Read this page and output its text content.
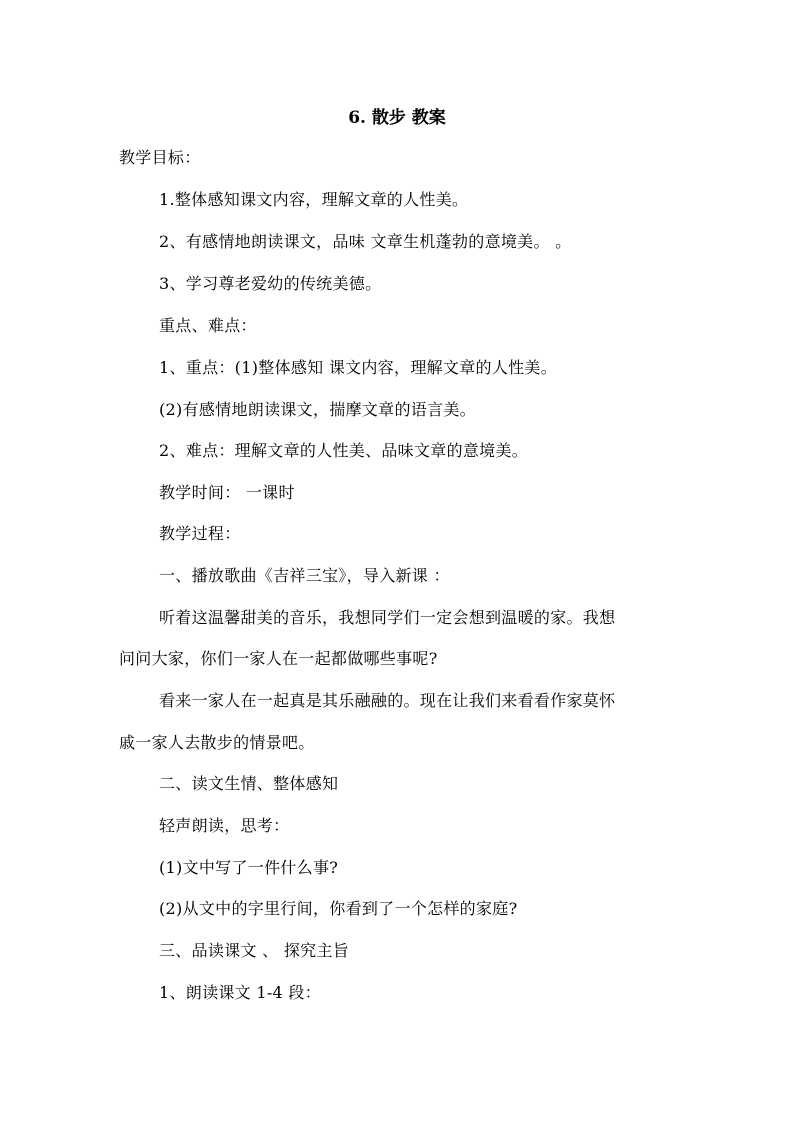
6. 散步 教案
教学目标：
1.整体感知课文内容，理解文章的人性美。
2、有感情地朗读课文，品味 文章生机蓬勃的意境美。 。
3、学习尊老爱幼的传统美德。
重点、难点：
1、重点：(1)整体感知 课文内容，理解文章的人性美。
(2)有感情地朗读课文，揣摩文章的语言美。
2、难点：理解文章的人性美、品味文章的意境美。
教学时间： 一课时
教学过程：
一、播放歌曲《吉祥三宝》，导入新课 ：
听着这温馨甜美的音乐，我想同学们一定会想到温暖的家。我想
问问大家，你们一家人在一起都做哪些事呢?
看来一家人在一起真是其乐融融的。现在让我们来看看作家莫怀
戚一家人去散步的情景吧。
二、读文生情、整体感知
轻声朗读，思考：
(1)文中写了一件什么事?
(2)从文中的字里行间，你看到了一个怎样的家庭?
三、品读课文 、 探究主旨
1、朗读课文 1-4 段：
